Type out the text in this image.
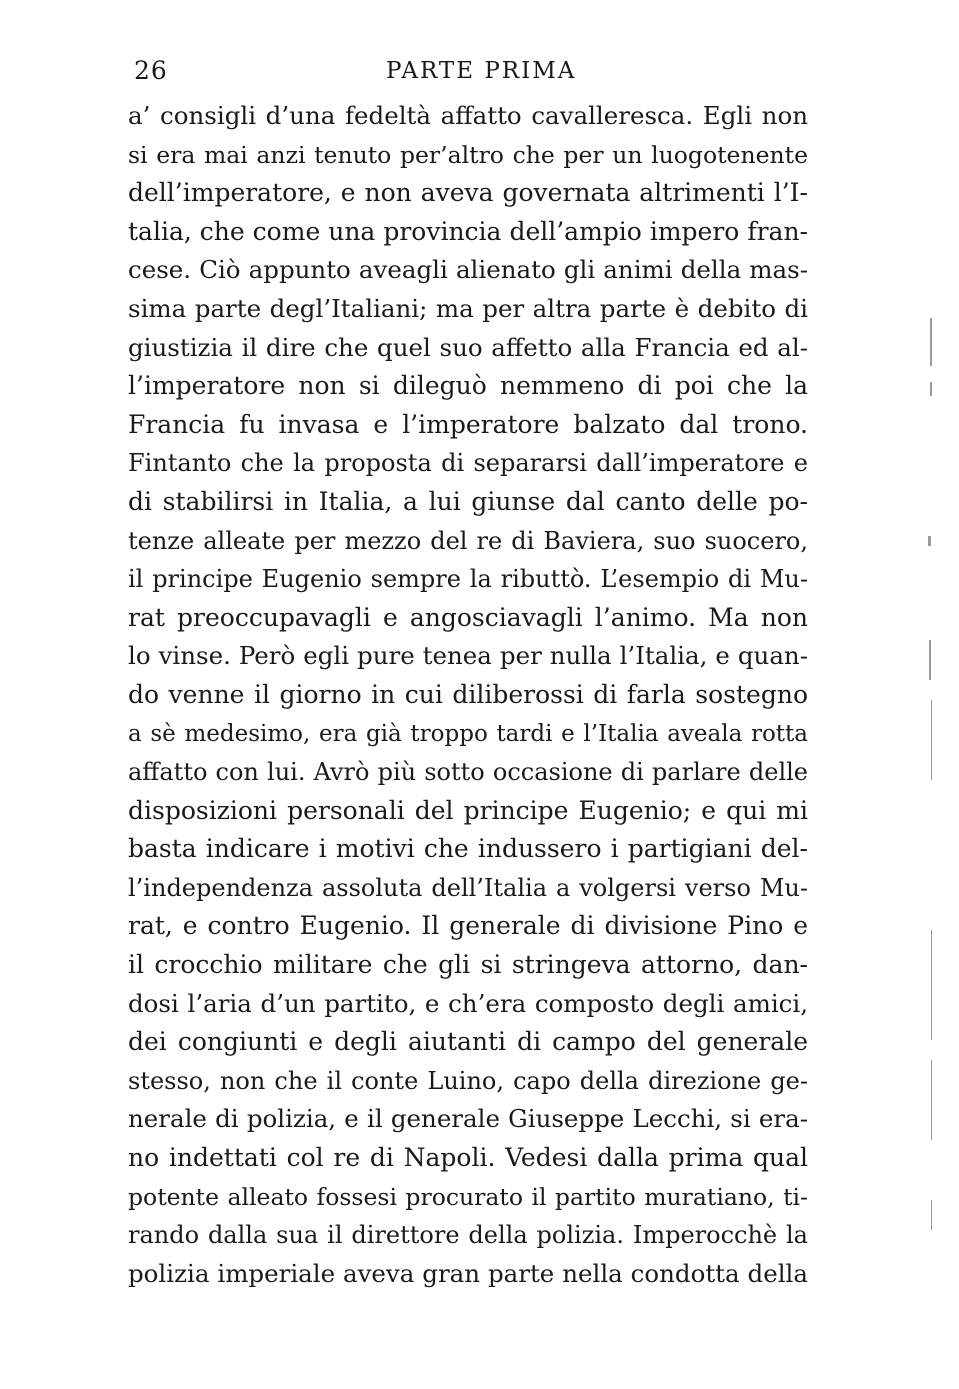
26	PARTE PRIMA
a’ consigli d’una fedeltà affatto cavalleresca. Egli non
si era mai anzi tenuto per’altro che per un luogotenente
dell’imperatore, e non aveva governata altrimenti l’I-
talia, che come una provincia dell’ampio impero fran-
cese. Ciò appunto aveagli alienato gli animi della mas-
sima parte degl’Italiani; ma per altra parte è debito di
giustizia il dire che quel suo affetto alla Francia ed al-
l’imperatore non si dileguò nemmeno di poi che la
Francia fu invasa e l’imperatore balzato dal trono.
Fintanto che la proposta di separarsi dall’imperatore e
di stabilirsi in Italia, a lui giunse dal canto delle po-
tenze alleate per mezzo del re di Baviera, suo suocero,
il principe Eugenio sempre la ributtò. L’esempio di Mu-
rat preoccupavagli e angosciavagli l’animo. Ma non
lo vinse. Però egli pure tenea per nulla l’Italia, e quan-
do venne il giorno in cui diliberossi di farla sostegno
a sè medesimo, era già troppo tardi e l’Italia aveala rotta
affatto con lui. Avrò più sotto occasione di parlare delle
disposizioni personali del principe Eugenio; e qui mi
basta indicare i motivi che indussero i partigiani del-
l’independenza assoluta dell’Italia a volgersi verso Mu-
rat, e contro Eugenio. Il generale di divisione Pino e
il crocchio militare che gli si stringeva attorno, dan-
dosi l’aria d’un partito, e ch’era composto degli amici,
dei congiunti e degli aiutanti di campo del generale
stesso, non che il conte Luino, capo della direzione ge-
nerale di polizia, e il generale Giuseppe Lecchi, si era-
no indettati col re di Napoli. Vedesi dalla prima qual
potente alleato fossesi procurato il partito muratiano, ti-
rando dalla sua il direttore della polizia. Imperocchè la
polizia imperiale aveva gran parte nella condotta della
